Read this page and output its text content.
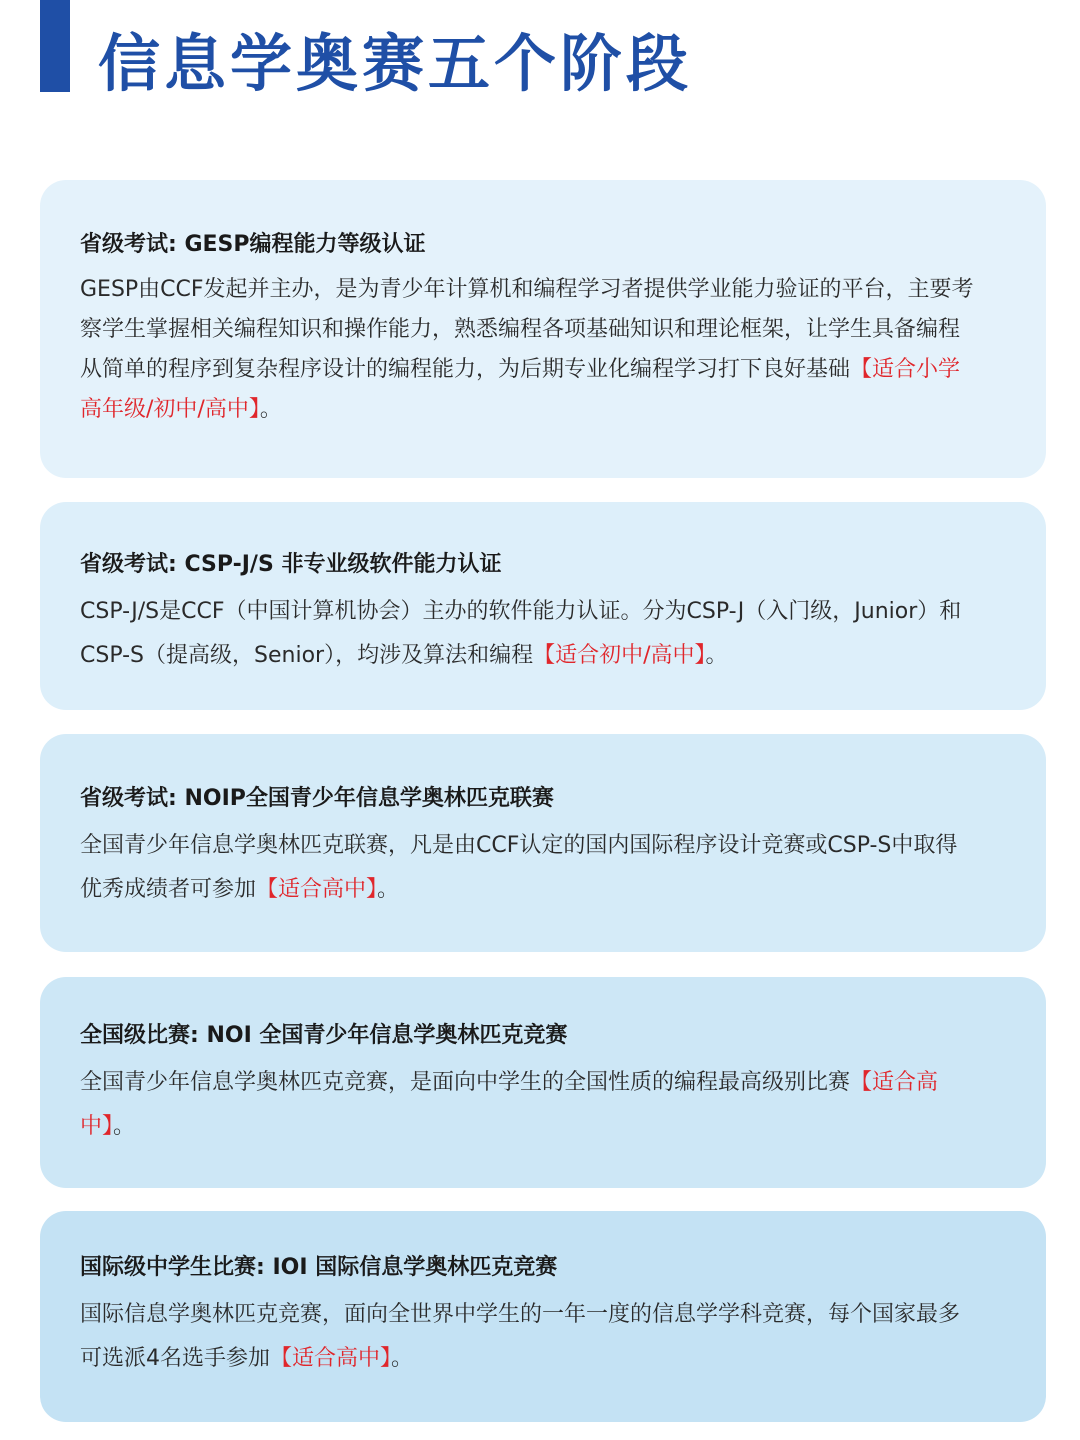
信息学奥赛五个阶段
省级考试: GESP编程能力等级认证

GESP由CCF发起并主办，是为青少年计算机和编程学习者提供学业能力验证的平台，主要考察学生掌握相关编程知识和操作能力，熟悉编程各项基础知识和理论框架，让学生具备编程从简单的程序到复杂程序设计的编程能力，为后期专业化编程学习打下良好基础【适合小学高年级/初中/高中】。

省级考试: CSP-J/S 非专业级软件能力认证

CSP-J/S是CCF（中国计算机协会）主办的软件能力认证。分为CSP-J（入门级，Junior）和CSP-S（提高级，Senior），均涉及算法和编程【适合初中/高中】。

省级考试: NOIP全国青少年信息学奥林匹克联赛

全国青少年信息学奥林匹克联赛，凡是由CCF认定的国内国际程序设计竞赛或CSP-S中取得优秀成绩者可参加【适合高中】。

全国级比赛: NOI 全国青少年信息学奥林匹克竞赛

全国青少年信息学奥林匹克竞赛，是面向中学生的全国性质的编程最高级别比赛【适合高中】。

国际级中学生比赛: IOI 国际信息学奥林匹克竞赛

国际信息学奥林匹克竞赛，面向全世界中学生的一年一度的信息学学科竞赛，每个国家最多可选派4名选手参加【适合高中】。
